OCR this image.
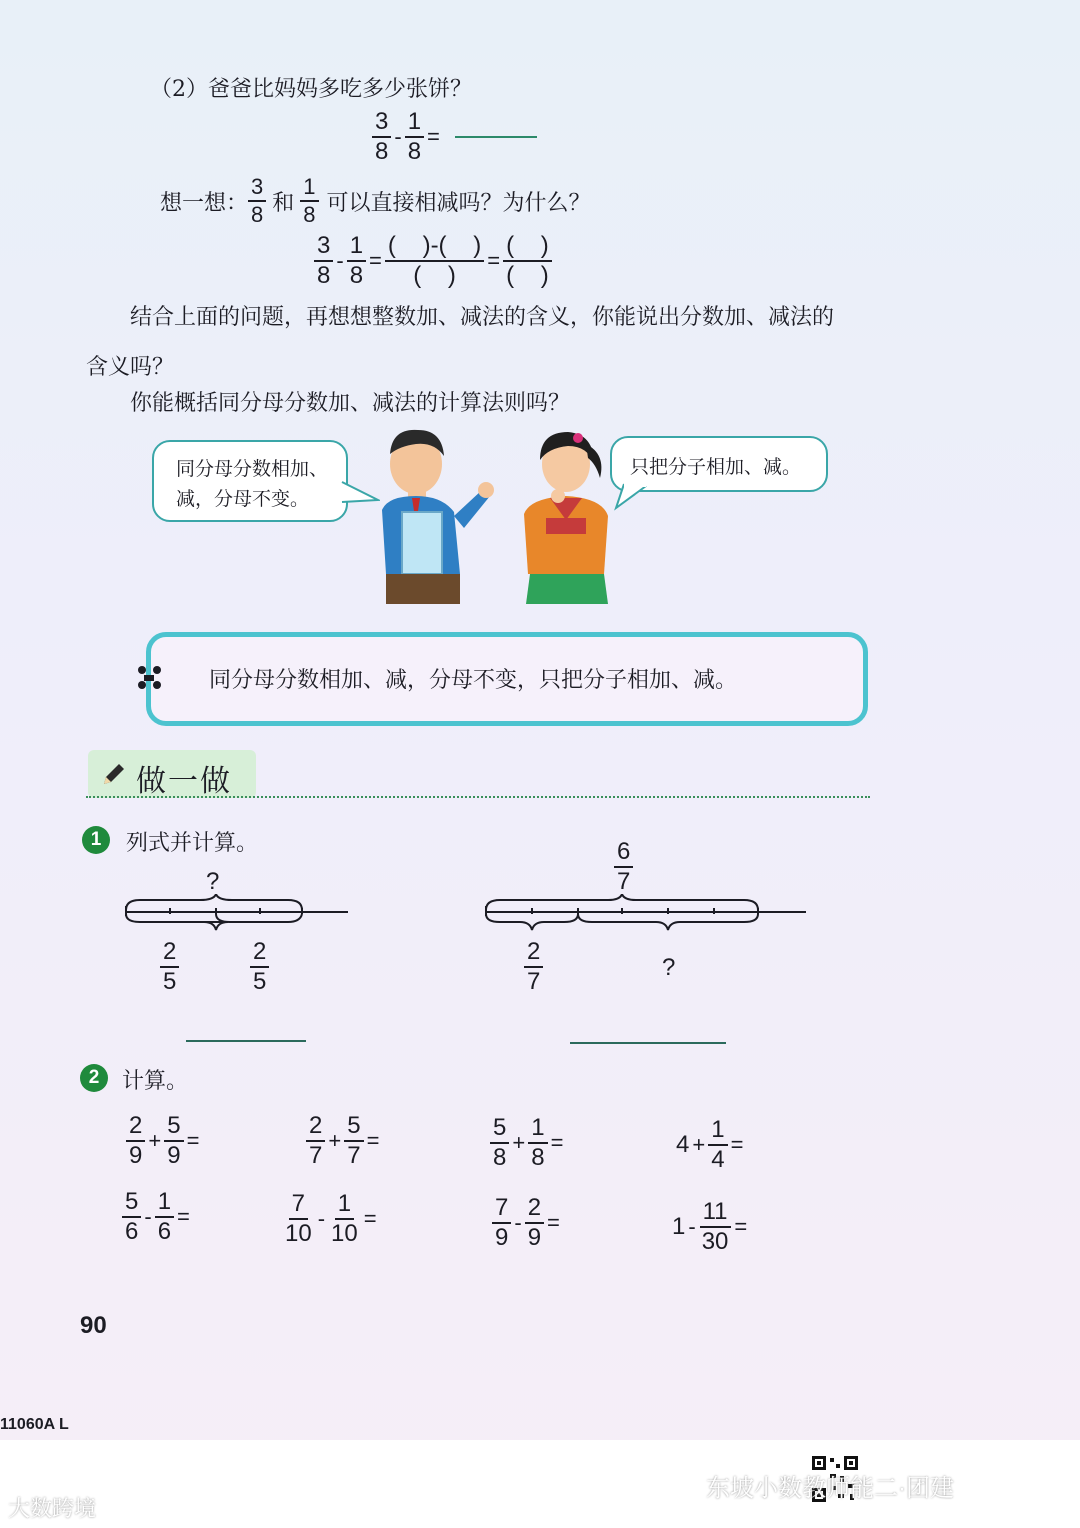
（2）爸爸比妈妈多吃多少张饼？
$\frac{3}{8} - \frac{1}{8}$ =
想一想： $\frac{3}{8}$ 和 $\frac{1}{8}$ 可以直接相减吗？为什么？
$\frac{3}{8} - \frac{1}{8} = \frac{( )-( )}{( )} = \frac{( )}{( )}$
结合上面的问题，再想想整数加、减法的含义，你能说出分数加、减法的
含义吗？
你能概括同分母分数加、减法的计算法则吗？
同分母分数相加、
减，分母不变。
只把分子相加、减。
同分母分数相加、减，分母不变，只把分子相加、减。
做一做
1	列式并计算。
?
$\frac{2}{5}$	$\frac{2}{5}$
$\frac{6}{7}$
$\frac{2}{7}$	?
2	计算。
$\frac{2}{9} + \frac{5}{9}$ =	$\frac{2}{7} + \frac{5}{7}$ =	$\frac{5}{8} + \frac{1}{8}$ =	$4 + \frac{1}{4}$ =
$\frac{5}{6} - \frac{1}{6}$ =	$\frac{7}{10} - \frac{1}{10}$ =	$\frac{7}{9} - \frac{2}{9}$ =	$1 - \frac{11}{30}$ =
90
11060A L
大数跨境
东坡小数教师能二·团建
